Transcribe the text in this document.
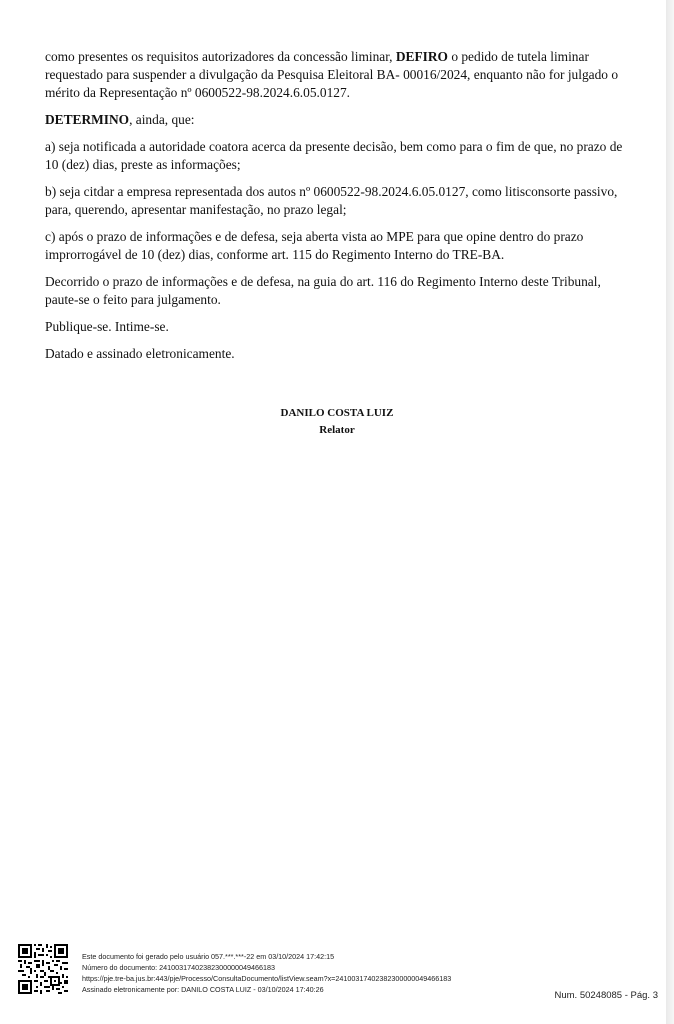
como presentes os requisitos autorizadores da concessão liminar, DEFIRO o pedido de tutela liminar requestado para suspender a divulgação da Pesquisa Eleitoral BA- 00016/2024, enquanto não for julgado o mérito da Representação nº 0600522-98.2024.6.05.0127.

DETERMINO, ainda, que:

a) seja notificada a autoridade coatora acerca da presente decisão, bem como para o fim de que, no prazo de 10 (dez) dias, preste as informações;

b) seja citdar a empresa representada dos autos nº 0600522-98.2024.6.05.0127, como litisconsorte passivo, para, querendo, apresentar manifestação, no prazo legal;

c) após o prazo de informações e de defesa, seja aberta vista ao MPE para que opine dentro do prazo improrrogável de 10 (dez) dias, conforme art. 115 do Regimento Interno do TRE-BA.

Decorrido o prazo de informações e de defesa, na guia do art. 116 do Regimento Interno deste Tribunal, paute-se o feito para julgamento.

Publique-se. Intime-se.

Datado e assinado eletronicamente.

DANILO COSTA LUIZ
Relator
Este documento foi gerado pelo usuário 057.***.***-22 em 03/10/2024 17:42:15
Número do documento: 24100317402382300000049466183
https://pje.tre-ba.jus.br:443/pje/Processo/ConsultaDocumento/listView.seam?x=24100317402382300000049466183
Assinado eletronicamente por: DANILO COSTA LUIZ - 03/10/2024 17:40:26
Num. 50248085 - Pág. 3
